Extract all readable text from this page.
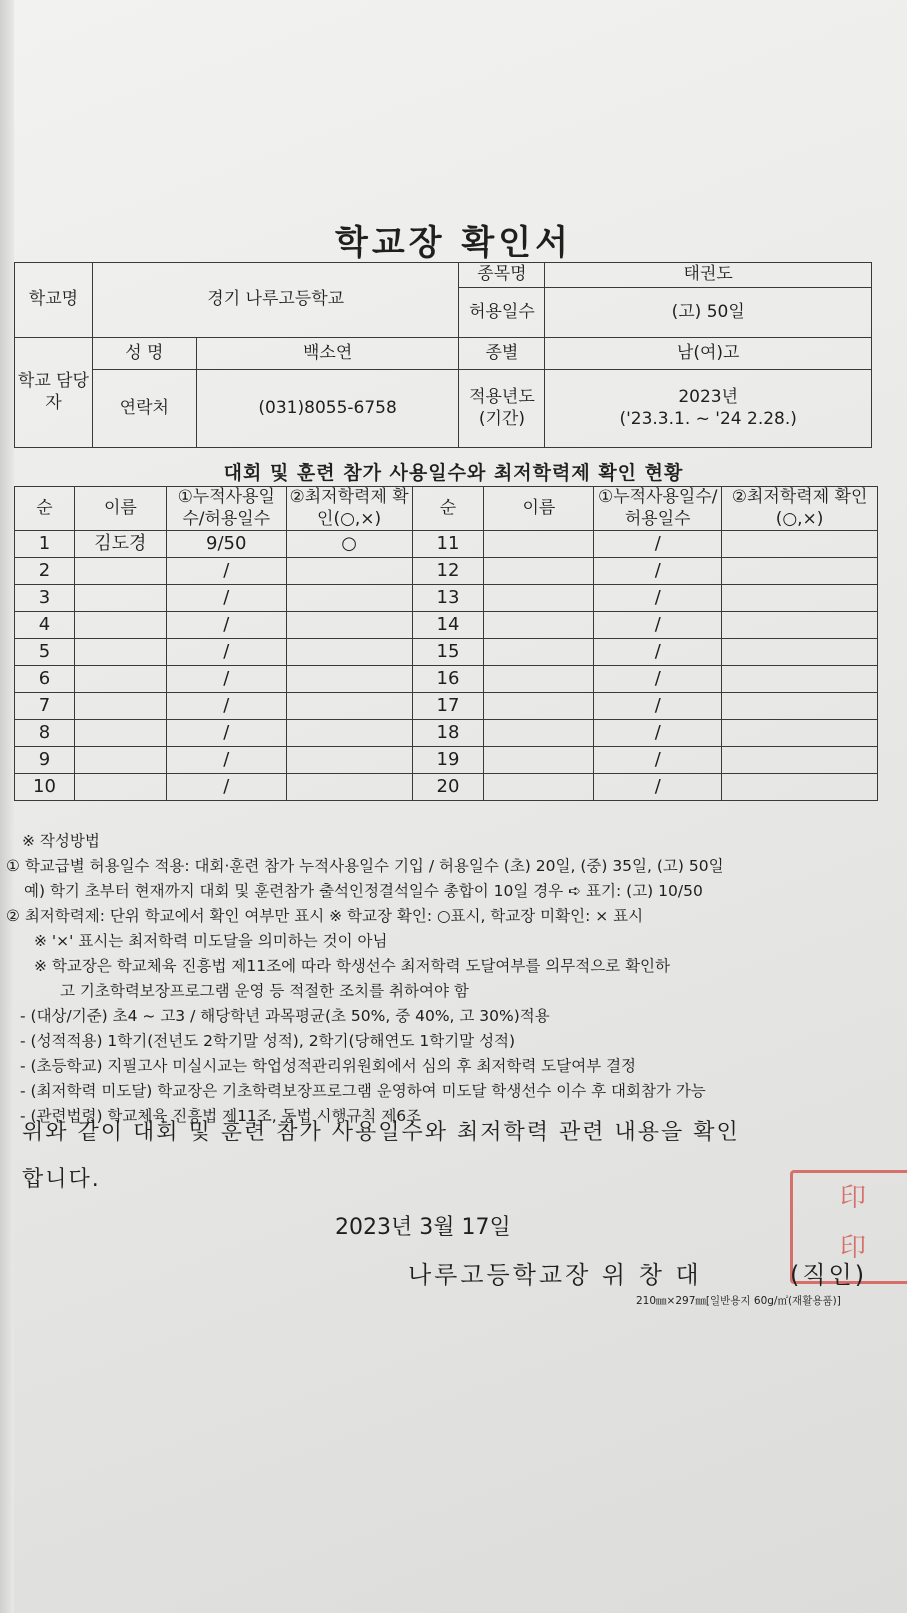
학교장 확인서
학교명	경기 나루고등학교		종목명	태권도
			허용일수	(고) 50일
학교 담당자	성 명	백소연	종별	남(여)고
	연락처	(031)8055-6758	적용년도 (기간)	2023년
('23.3.1. ~ '24 2.28.)
대회 및 훈련 참가 사용일수와 최저학력제 확인 현황
순	이름	①누적사용일수/허용일수	②최저학력제 확인(○,×)	순	이름	①누적사용일수/허용일수	②최저학력제 확인(○,×)
1	김도경	9/50	○	11		/	
2		/		12		/	
3		/		13		/	
4		/		14		/	
5		/		15		/	
6		/		16		/	
7		/		17		/	
8		/		18		/	
9		/		19		/	
10		/		20		/	
※ 작성방법
① 학교급별 허용일수 적용: 대회·훈련 참가 누적사용일수 기입 / 허용일수 (초) 20일, (중) 35일, (고) 50일
예) 학기 초부터 현재까지 대회 및 훈련참가 출석인정결석일수 총합이 10일 경우 ➪ 표기: (고) 10/50
② 최저학력제: 단위 학교에서 확인 여부만 표시 ※ 학교장 확인: ○표시, 학교장 미확인: × 표시
※ '×' 표시는 최저학력 미도달을 의미하는 것이 아님
※ 학교장은 학교체육 진흥법 제11조에 따라 학생선수 최저학력 도달여부를 의무적으로 확인하
고 기초학력보장프로그램 운영 등 적절한 조치를 취하여야 함
- (대상/기준) 초4 ~ 고3 / 해당학년 과목평균(초 50%, 중 40%, 고 30%)적용
- (성적적용) 1학기(전년도 2학기말 성적), 2학기(당해연도 1학기말 성적)
- (초등학교) 지필고사 미실시교는 학업성적관리위원회에서 심의 후 최저학력 도달여부 결정
- (최저학력 미도달) 학교장은 기초학력보장프로그램 운영하여 미도달 학생선수 이수 후 대회참가 가능
- (관련법령) 학교체육 진흥법 제11조, 동법 시행규칙 제6조
위와 같이 대회 및 훈련 참가 사용일수와 최저학력 관련 내용을 확인
합니다.
2023년 3월 17일
印
印
나루고등학교장 위 창 대	(직인)
210㎜×297㎜[일반용지 60g/㎡(재활용품)]
